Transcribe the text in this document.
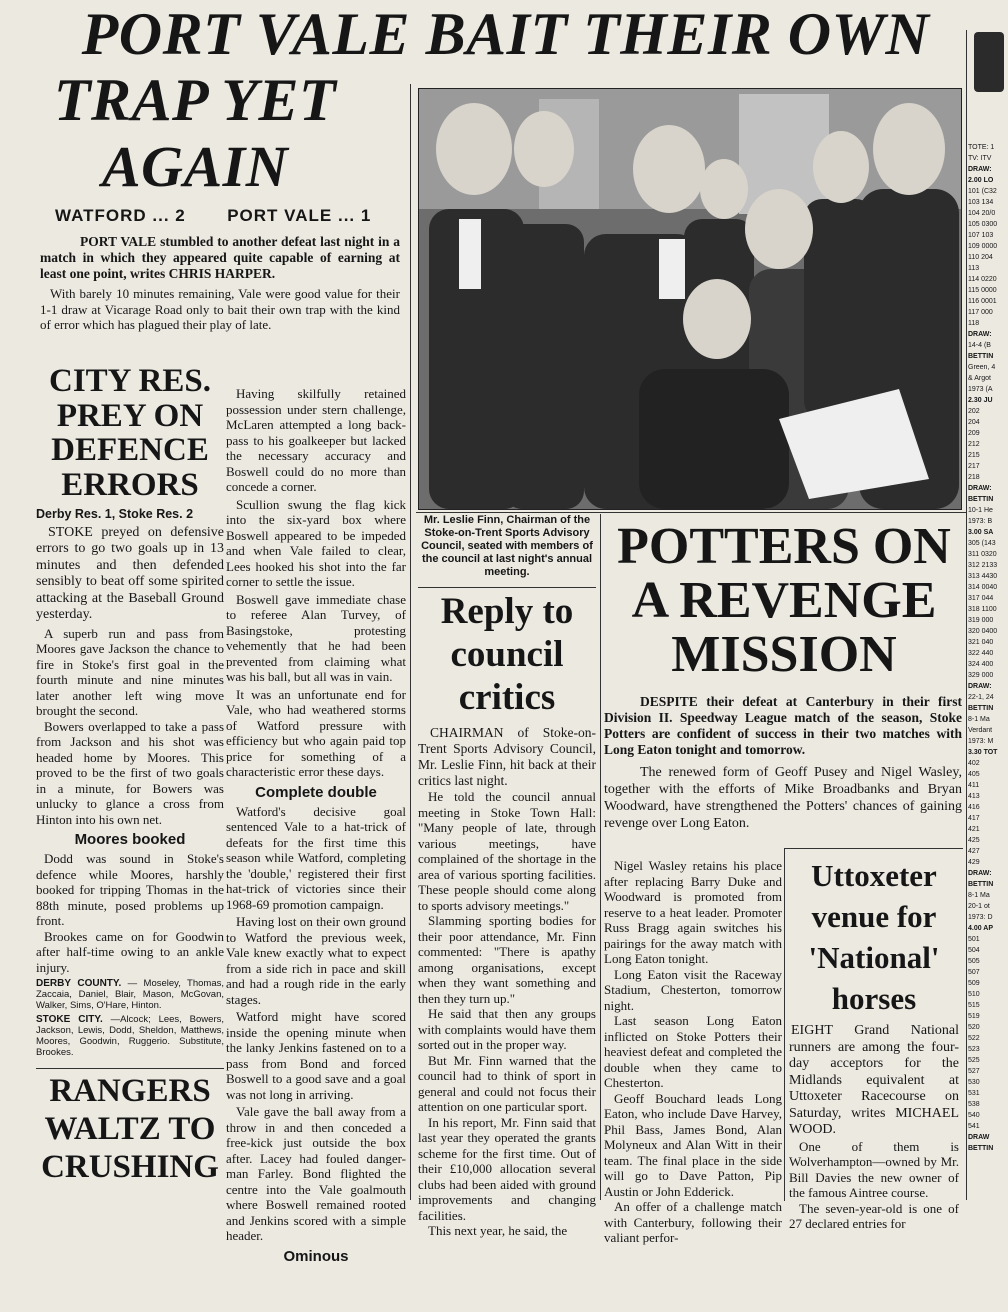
PORT VALE BAIT THEIR OWN
TRAP YET
AGAIN
WATFORD ... 2 PORT VALE ... 1

PORT VALE stumbled to another defeat last night in a match in which they appeared quite capable of earning at least one point, writes CHRIS HARPER.

With barely 10 minutes remaining, Vale were good value for their 1-1 draw at Vicarage Road only to bait their own trap with the kind of error which has plagued their play of late.

CITY RES.
PREY ON
DEFENCE
ERRORS
Derby Res. 1, Stoke Res. 2

STOKE preyed on defensive errors to go two goals up in 13 minutes and then defended sensibly to beat off some spirited attacking at the Baseball Ground yesterday.

A superb run and pass from Moores gave Jackson the chance to fire in Stoke's first goal in the fourth minute and nine minutes later another left wing move brought the second.

Bowers overlapped to take a pass from Jackson and his shot was headed home by Moores. This proved to be the first of two goals in a minute, for Bowers was unlucky to glance a cross from Hinton into his own net.

Moores booked

Dodd was sound in Stoke's defence while Moores, harshly booked for tripping Thomas in the 88th minute, posed problems up front.

Brookes came on for Goodwin after half-time owing to an ankle injury.

DERBY COUNTY. — Moseley, Thomas, Zaccaia, Daniel, Blair, Mason, McGovan, Walker, Sims, O'Hare, Hinton.

STOKE CITY. —Alcock; Lees, Bowers, Jackson, Lewis, Dodd, Sheldon, Matthews, Moores, Goodwin, Ruggerio. Substitute, Brookes.

RANGERS
WALTZ TO
CRUSHING

Having skilfully retained possession under stern challenge, McLaren attempted a long back-pass to his goalkeeper but lacked the necessary accuracy and Boswell could do no more than concede a corner.

Scullion swung the flag kick into the six-yard box where Boswell appeared to be impeded and when Vale failed to clear, Lees hooked his shot into the far corner to settle the issue.

Boswell gave immediate chase to referee Alan Turvey, of Basingstoke, protesting vehemently that he had been prevented from claiming what was his ball, but all was in vain.

It was an unfortunate end for Vale, who had weathered storms of Watford pressure with efficiency but who again paid top price for something of a characteristic error these days.

Complete double

Watford's decisive goal sentenced Vale to a hat-trick of defeats for the first time this season while Watford, completing the 'double,' registered their first hat-trick of victories since their 1968-69 promotion campaign.

Having lost on their own ground to Watford the previous week, Vale knew exactly what to expect from a side rich in pace and skill and had a rough ride in the early stages.

Watford might have scored inside the opening minute when the lanky Jenkins fastened on to a pass from Bond and forced Boswell to a good save and a goal was not long in arriving.

Vale gave the ball away from a throw in and then conceded a free-kick just outside the box after. Lacey had fouled danger-man Farley. Bond flighted the centre into the Vale goalmouth where Boswell remained rooted and Jenkins scored with a simple header.

Ominous
Mr. Leslie Finn, Chairman of the Stoke-on-Trent Sports Advisory Council, seated with members of the council at last night's annual meeting.
Reply to
council
critics

CHAIRMAN of Stoke-on-Trent Sports Advisory Council, Mr. Leslie Finn, hit back at their critics last night.

He told the council annual meeting in Stoke Town Hall: "Many people of late, through various meetings, have complained of the shortage in the area of various sporting facilities. These people should come along to sports advisory meetings."

Slamming sporting bodies for their poor attendance, Mr. Finn commented: "There is apathy among organisations, except when they want something and then they turn up."

He said that then any groups with complaints would have them sorted out in the proper way.

But Mr. Finn warned that the council had to think of sport in general and could not focus their attention on one particular sport.

In his report, Mr. Finn said that last year they operated the grants scheme for the first time. Out of their £10,000 allocation several clubs had been aided with ground improvements and changing facilities.

This next year, he said, the

POTTERS ON
A REVENGE
MISSION

DESPITE their defeat at Canterbury in their first Division II. Speedway League match of the season, Stoke Potters are confident of success in their two matches with Long Eaton tonight and tomorrow.

The renewed form of Geoff Pusey and Nigel Wasley, together with the efforts of Mike Broadbanks and Bryan Woodward, have strengthened the Potters' chances of gaining revenge over Long Eaton.

Nigel Wasley retains his place after replacing Barry Duke and Woodward is promoted from reserve to a heat leader. Promoter Russ Bragg again switches his pairings for the away match with Long Eaton tonight.

Long Eaton visit the Raceway Stadium, Chesterton, tomorrow night.

Last season Long Eaton inflicted on Stoke Potters their heaviest defeat and completed the double when they came to Chesterton.

Geoff Bouchard leads Long Eaton, who include Dave Harvey, Phil Bass, James Bond, Alan Molyneux and Alan Witt in their team. The final place in the side will go to Dave Patton, Pip Austin or John Edderick.

An offer of a challenge match with Canterbury, following their valiant perfor-

Uttoxeter
venue for
'National'
horses

EIGHT Grand National runners are among the four-day acceptors for the Midlands equivalent at Uttoxeter Racecourse on Saturday, writes MICHAEL WOOD.

One of them is Wolverhampton—owned by Mr. Bill Davies the new owner of the famous Aintree course.

The seven-year-old is one of 27 declared entries for

TOTE: 1
TV: ITV
DRAW:
2.00 LO
101 (C32
103 134
104 20/0
105 0300
107 103
109 0000
110 204
113
114 0220
115 0000
116 0001
117 000
118
DRAW:
14-4 (B
BETTIN
Green, 4
& Argot
1973 (A
2.30 JU
202
204
209
212
215
217
218
DRAW:
BETTIN
10-1 He
1973: B
3.00 SA
305 (143
311 0320
312 2133
313 4430
314 0040
317 044
318 1100
319 000
320 0400
321 040
322 440
324 400
329 000
DRAW:
22-1, 24
BETTIN
8-1 Ma
Verdant
1973: M
3.30 TOT
402
405
411
413
416
417
421
425
427
429
DRAW:
BETTIN
8-1 Ma
20-1 ot
1973: D
4.00 AP
501
504
505
507
509
510
515
519
520
522
523
525
527
530
531
538
540
541
DRAW
BETTIN
